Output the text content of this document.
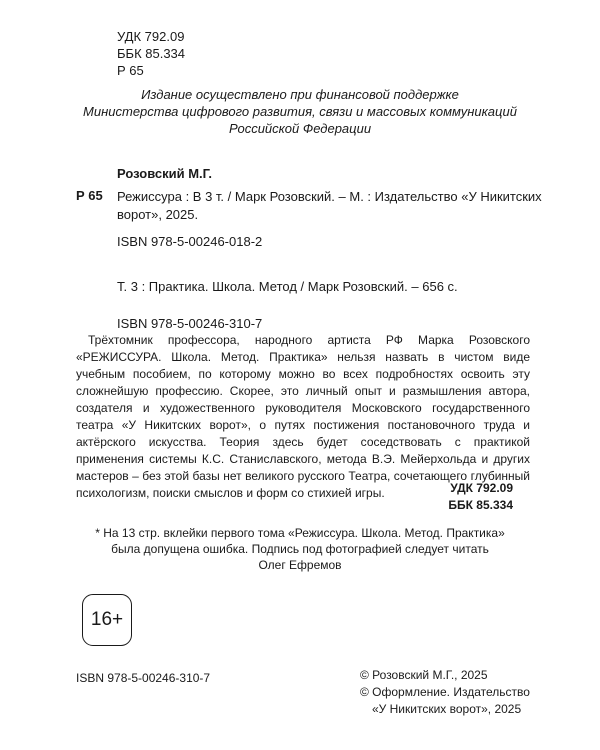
УДК 792.09
ББК 85.334
Р 65
Издание осуществлено при финансовой поддержке
Министерства цифрового развития, связи и массовых коммуникаций
Российской Федерации
Розовский М.Г.
Р 65 Режиссура : В 3 т. / Марк Розовский. – М. : Издательство «У Никитских ворот», 2025.
ISBN 978-5-00246-018-2
Т. 3 : Практика. Школа. Метод / Марк Розовский. – 656 с.
ISBN 978-5-00246-310-7
Трёхтомник профессора, народного артиста РФ Марка Розовского «РЕЖИССУРА. Школа. Метод. Практика» нельзя назвать в чистом виде учебным пособием, по которому можно во всех подробностях освоить эту сложнейшую профессию. Скорее, это личный опыт и размышления автора, создателя и художественного руководителя Московского государственного театра «У Никитских ворот», о путях постижения постановочного труда и актёрского искусства. Теория здесь будет соседствовать с практикой применения системы К.С. Станиславского, метода В.Э. Мейерхольда и других мастеров – без этой базы нет великого русского Театра, сочетающего глубинный психологизм, поиски смыслов и форм со стихией игры.	УДК 792.09
ББК 85.334
* На 13 стр. вклейки первого тома «Режиссура. Школа. Метод. Практика»
была допущена ошибка. Подпись под фотографией следует читать
Олег Ефремов
16+
ISBN 978-5-00246-310-7	© Розовский М.Г., 2025
© Оформление. Издательство
«У Никитских ворот», 2025
